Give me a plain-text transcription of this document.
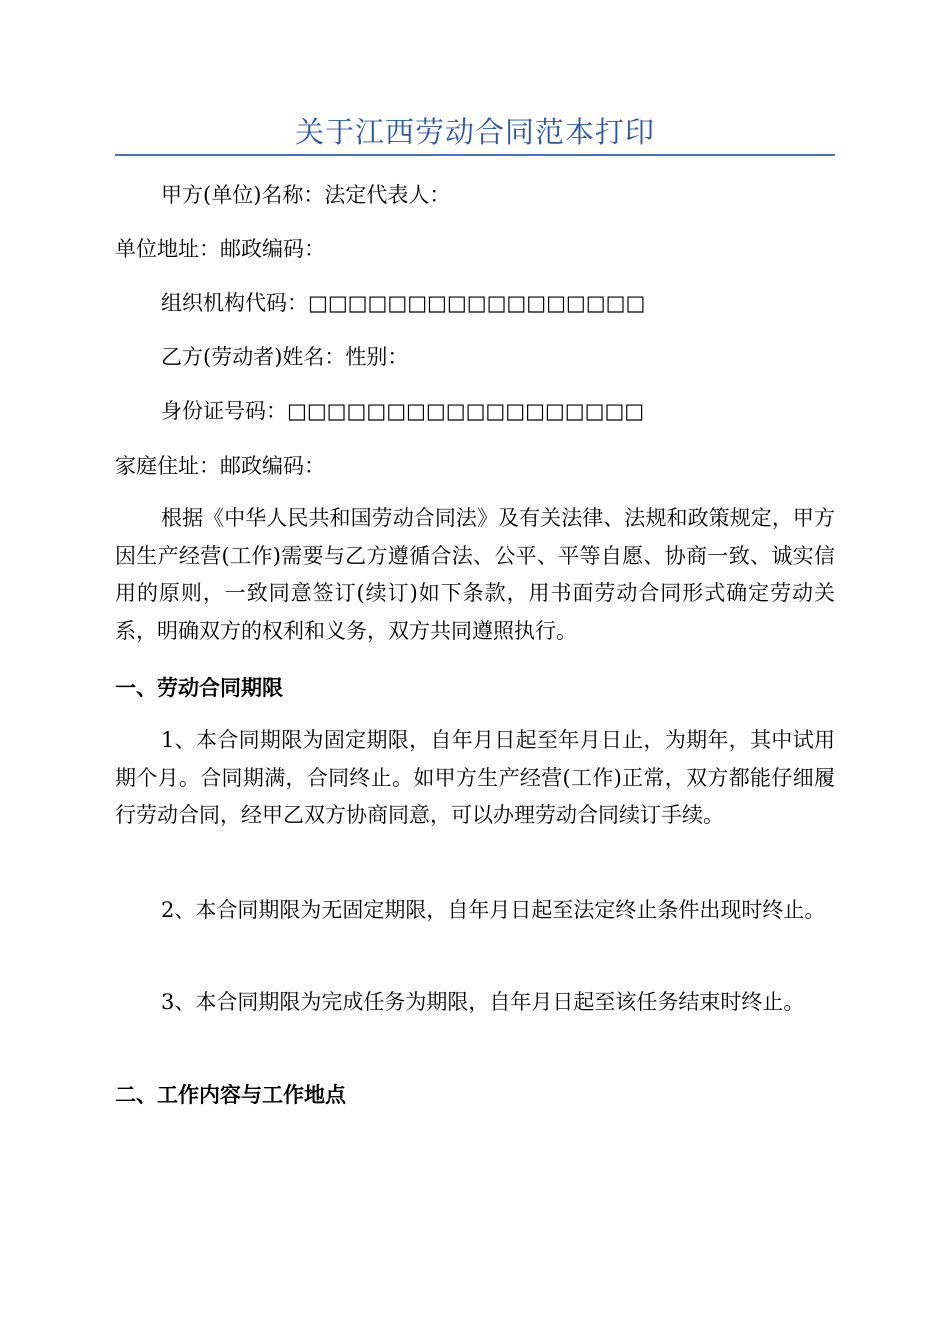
关于江西劳动合同范本打印
甲方(单位)名称：法定代表人：
单位地址：邮政编码：
组织机构代码：□□□□□□□□□□□□□□□□□
乙方(劳动者)姓名：性别：
身份证号码：□□□□□□□□□□□□□□□□□□
家庭住址：邮政编码：
根据《中华人民共和国劳动合同法》及有关法律、法规和政策规定，甲方因生产经营(工作)需要与乙方遵循合法、公平、平等自愿、协商一致、诚实信用的原则，一致同意签订(续订)如下条款，用书面劳动合同形式确定劳动关系，明确双方的权利和义务，双方共同遵照执行。
一、劳动合同期限
1、本合同期限为固定期限，自年月日起至年月日止，为期年，其中试用期个月。合同期满，合同终止。如甲方生产经营(工作)正常，双方都能仔细履行劳动合同，经甲乙双方协商同意，可以办理劳动合同续订手续。
2、本合同期限为无固定期限，自年月日起至法定终止条件出现时终止。
3、本合同期限为完成任务为期限，自年月日起至该任务结束时终止。
二、工作内容与工作地点
